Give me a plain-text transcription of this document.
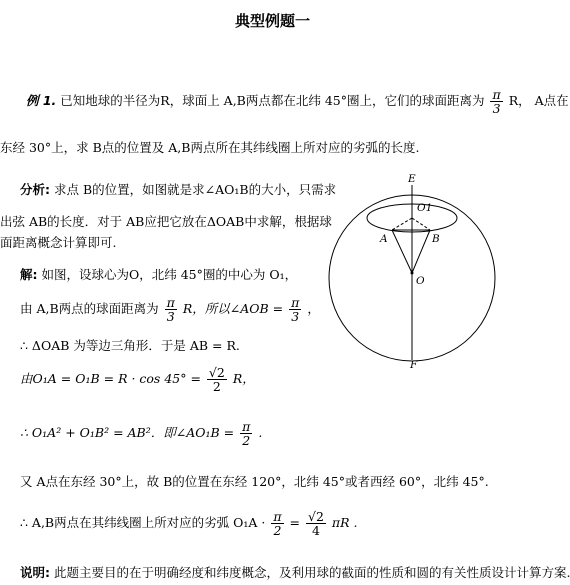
典型例题一
例 1. 已知地球的半径为R，球面上 A,B两点都在北纬 45°圈上，它们的球面距离为 $\frac{\pi}{3}$ R， A点在
东经 30°上，求 B点的位置及 A,B两点所在其纬线圈上所对应的劣弧的长度.
分析: 求点 B的位置，如图就是求∠AO₁B的大小，只需求
出弦 AB的长度．对于 AB应把它放在ΔOAB中求解，根据球
面距离概念计算即可.
解: 如图，设球心为O，北纬 45°圈的中心为 O₁，
由 A,B两点的球面距离为 $\frac{\pi}{3}$ R，所以∠AOB = $\frac{\pi}{3}$ ，
∴ ΔOAB 为等边三角形．于是 AB = R.
由$O_1A = O_1B = R \cdot \cos 45^\circ = \frac{√2}{2}$ R，
∴ O₁A² + O₁B² = AB²．即∠AO₁B = $\frac{\pi}{2}$ .
又 A点在东经 30°上，故 B的位置在东经 120°，北纬 45°或者西经 60°，北纬 45°.
∴ A,B两点在其纬线圈上所对应的劣弧 $O_1A \cdot \frac{\pi}{2} = \frac{√2}{4}$ πR .
说明: 此题主要目的在于明确经度和纬度概念，及利用球的截面的性质和圆的有关性质设计计算方案.
E
O1
A	B
O
F
